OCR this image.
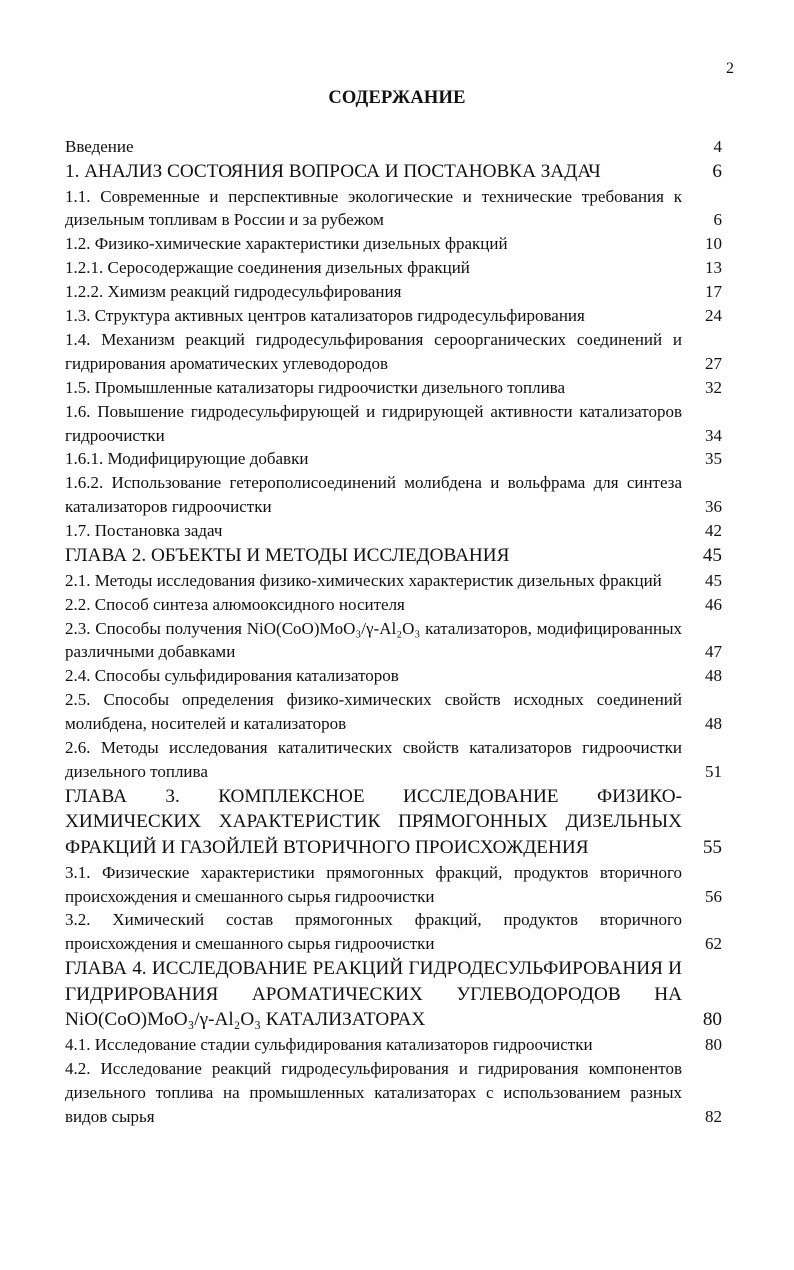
2
СОДЕРЖАНИЕ
Введение	4
1. АНАЛИЗ СОСТОЯНИЯ ВОПРОСА И ПОСТАНОВКА ЗАДАЧ	6
1.1. Современные и перспективные экологические и технические требования к дизельным топливам в России и за рубежом	6
1.2. Физико-химические характеристики дизельных фракций	10
1.2.1. Серосодержащие соединения дизельных фракций	13
1.2.2. Химизм реакций гидродесульфирования	17
1.3. Структура активных центров катализаторов гидродесульфирования	24
1.4. Механизм реакций гидродесульфирования сероорганических соединений и гидрирования ароматических углеводородов	27
1.5. Промышленные катализаторы гидроочистки дизельного топлива	32
1.6. Повышение гидродесульфирующей и гидрирующей активности катализаторов гидроочистки	34
1.6.1. Модифицирующие добавки	35
1.6.2. Использование гетерополисоединений молибдена и вольфрама для синтеза катализаторов гидроочистки	36
1.7. Постановка задач	42
ГЛАВА 2. ОБЪЕКТЫ И МЕТОДЫ ИССЛЕДОВАНИЯ	45
2.1. Методы исследования физико-химических характеристик дизельных фракций	45
2.2. Способ синтеза алюмооксидного носителя	46
2.3. Способы получения NiO(CoO)MoO₃/γ-Al₂O₃ катализаторов, модифицированных различными добавками	47
2.4. Способы сульфидирования катализаторов	48
2.5. Способы определения физико-химических свойств исходных соединений молибдена, носителей и катализаторов	48
2.6. Методы исследования каталитических свойств катализаторов гидроочистки дизельного топлива	51
ГЛАВА 3. КОМПЛЕКСНОЕ ИССЛЕДОВАНИЕ ФИЗИКО-ХИМИЧЕСКИХ ХАРАКТЕРИСТИК ПРЯМОГОННЫХ ДИЗЕЛЬНЫХ ФРАКЦИЙ И ГАЗОЙЛЕЙ ВТОРИЧНОГО ПРОИСХОЖДЕНИЯ	55
3.1. Физические характеристики прямогонных фракций, продуктов вторичного происхождения и смешанного сырья гидроочистки	56
3.2. Химический состав прямогонных фракций, продуктов вторичного происхождения и смешанного сырья гидроочистки	62
ГЛАВА 4. ИССЛЕДОВАНИЕ РЕАКЦИЙ ГИДРОДЕСУЛЬФИРОВАНИЯ И ГИДРИРОВАНИЯ АРОМАТИЧЕСКИХ УГЛЕВОДОРОДОВ НА NiO(CoO)MoO₃/γ-Al₂O₃ КАТАЛИЗАТОРАХ	80
4.1. Исследование стадии сульфидирования катализаторов гидроочистки	80
4.2. Исследование реакций гидродесульфирования и гидрирования компонентов дизельного топлива на промышленных катализаторах с использованием разных видов сырья	82
